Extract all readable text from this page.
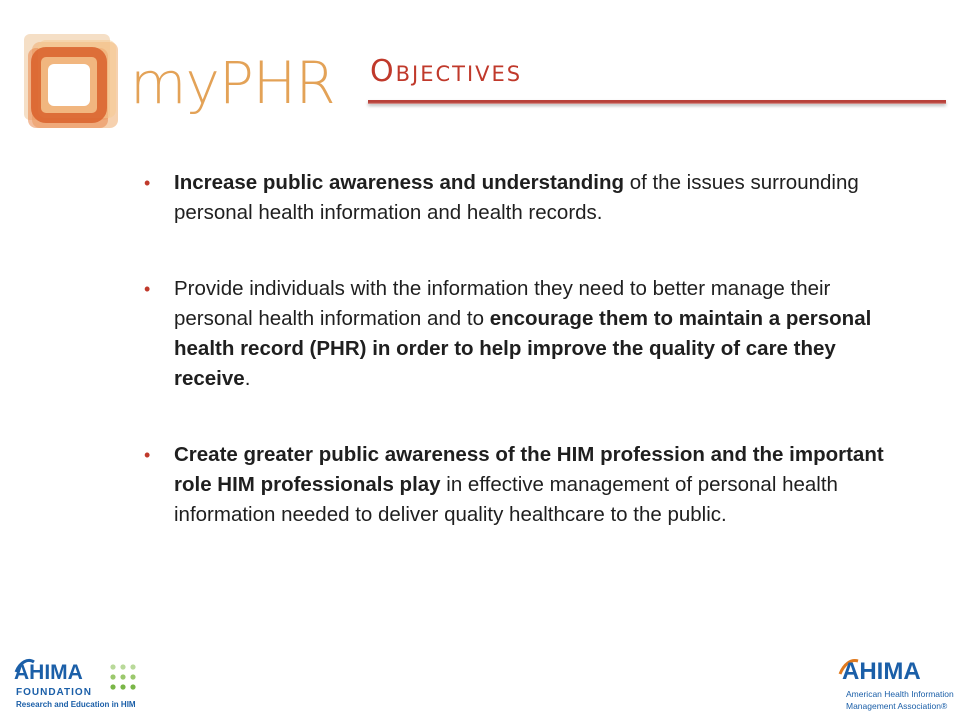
myPHR Objectives
• Increase public awareness and understanding of the issues surrounding personal health information and health records.
• Provide individuals with the information they need to better manage their personal health information and to encourage them to maintain a personal health record (PHR) in order to help improve the quality of care they receive.
• Create greater public awareness of the HIM profession and the important role HIM professionals play in effective management of personal health information needed to deliver quality healthcare to the public.
AHIMA
FOUNDATION
Research and Education in HIM
AHIMA
American Health Information
Management Association®
